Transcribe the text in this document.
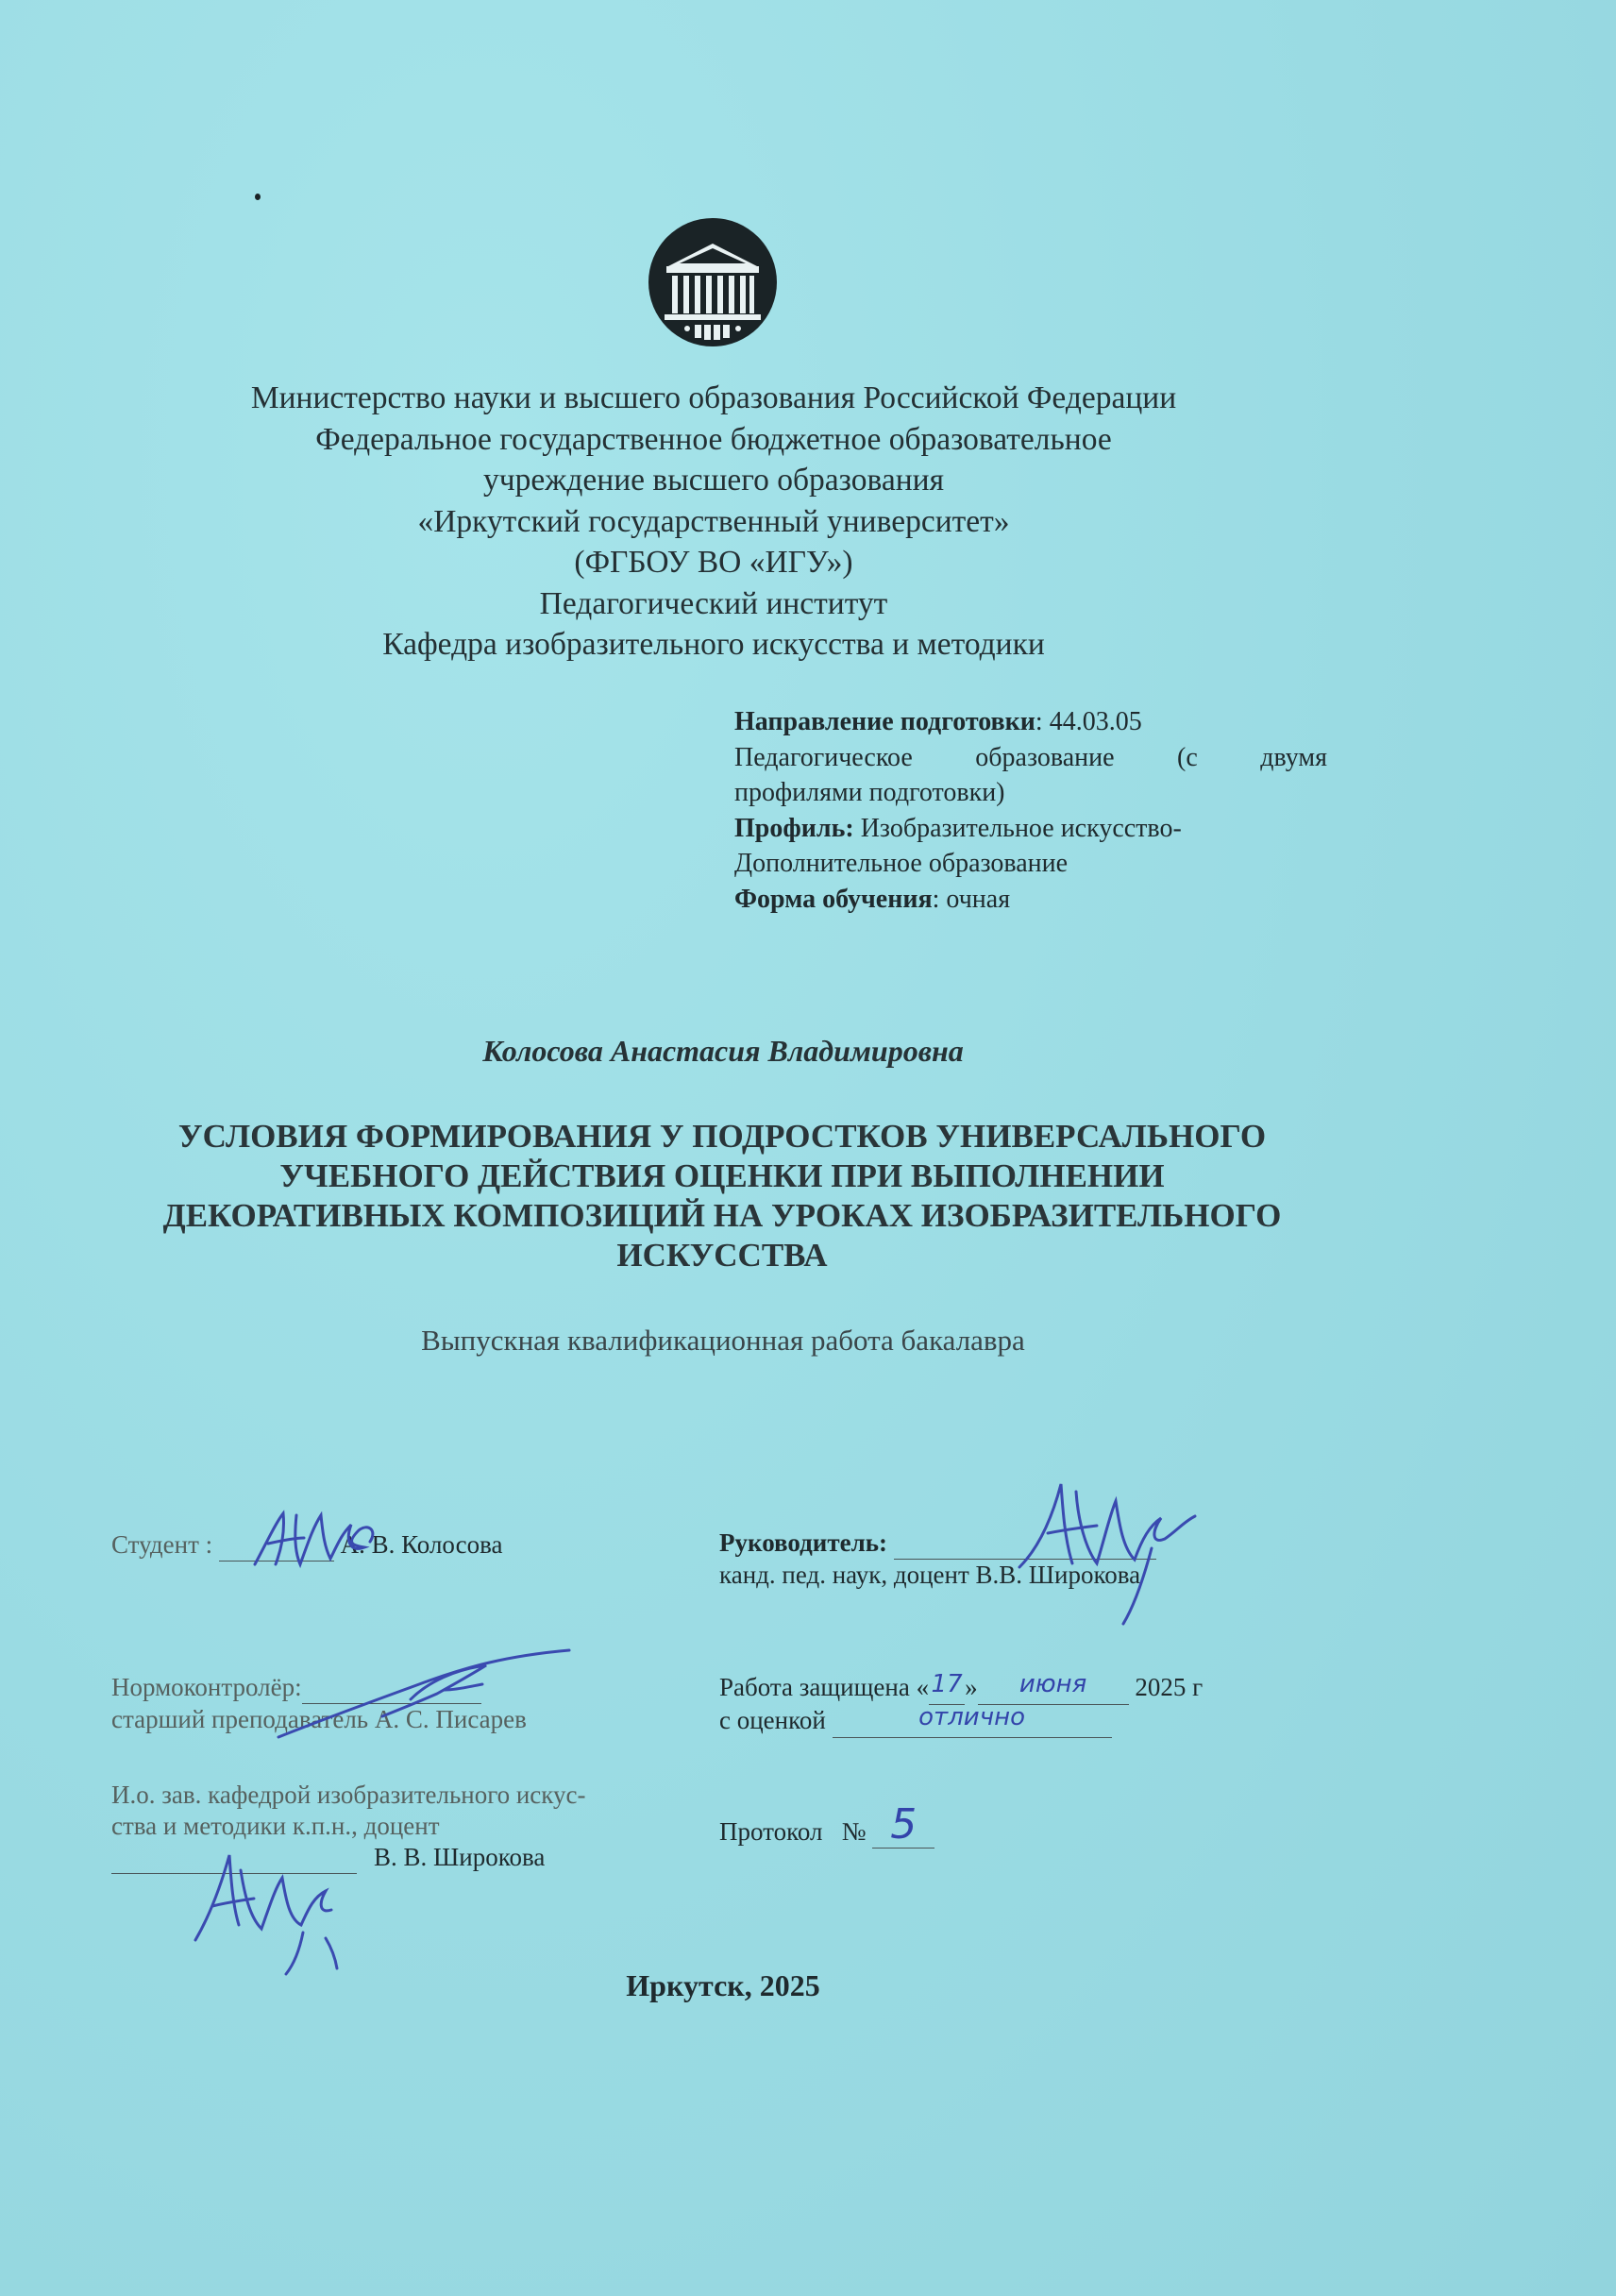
Министерство науки и высшего образования Российской Федерации
Федеральное государственное бюджетное образовательное
учреждение высшего образования
«Иркутский государственный университет»
(ФГБОУ ВО «ИГУ»)
Педагогический институт
Кафедра изобразительного искусства и методики
Направление подготовки: 44.03.05
Педагогическое образование (с двумя
профилями подготовки)
Профиль: Изобразительное искусство-
Дополнительное образование
Форма обучения: очная
Колосова Анастасия Владимировна
УСЛОВИЯ ФОРМИРОВАНИЯ У ПОДРОСТКОВ УНИВЕРСАЛЬНОГО
УЧЕБНОГО ДЕЙСТВИЯ ОЦЕНКИ ПРИ ВЫПОЛНЕНИИ
ДЕКОРАТИВНЫХ КОМПОЗИЦИЙ НА УРОКАХ ИЗОБРАЗИТЕЛЬНОГО
ИСКУССТВА
Выпускная квалификационная работа бакалавра
Студент :	А. В. Колосова
Нормоконтролёр:
старший преподаватель А. С. Писарев
И.о. зав. кафедрой изобразительного искус-
ства и методики к.п.н., доцент
В. В. Широкова
Руководитель:
канд. пед. наук, доцент В.В. Широкова
Работа защищена «17» июня 2025 г
с оценкой	отлично
Протокол № 5
Иркутск, 2025
